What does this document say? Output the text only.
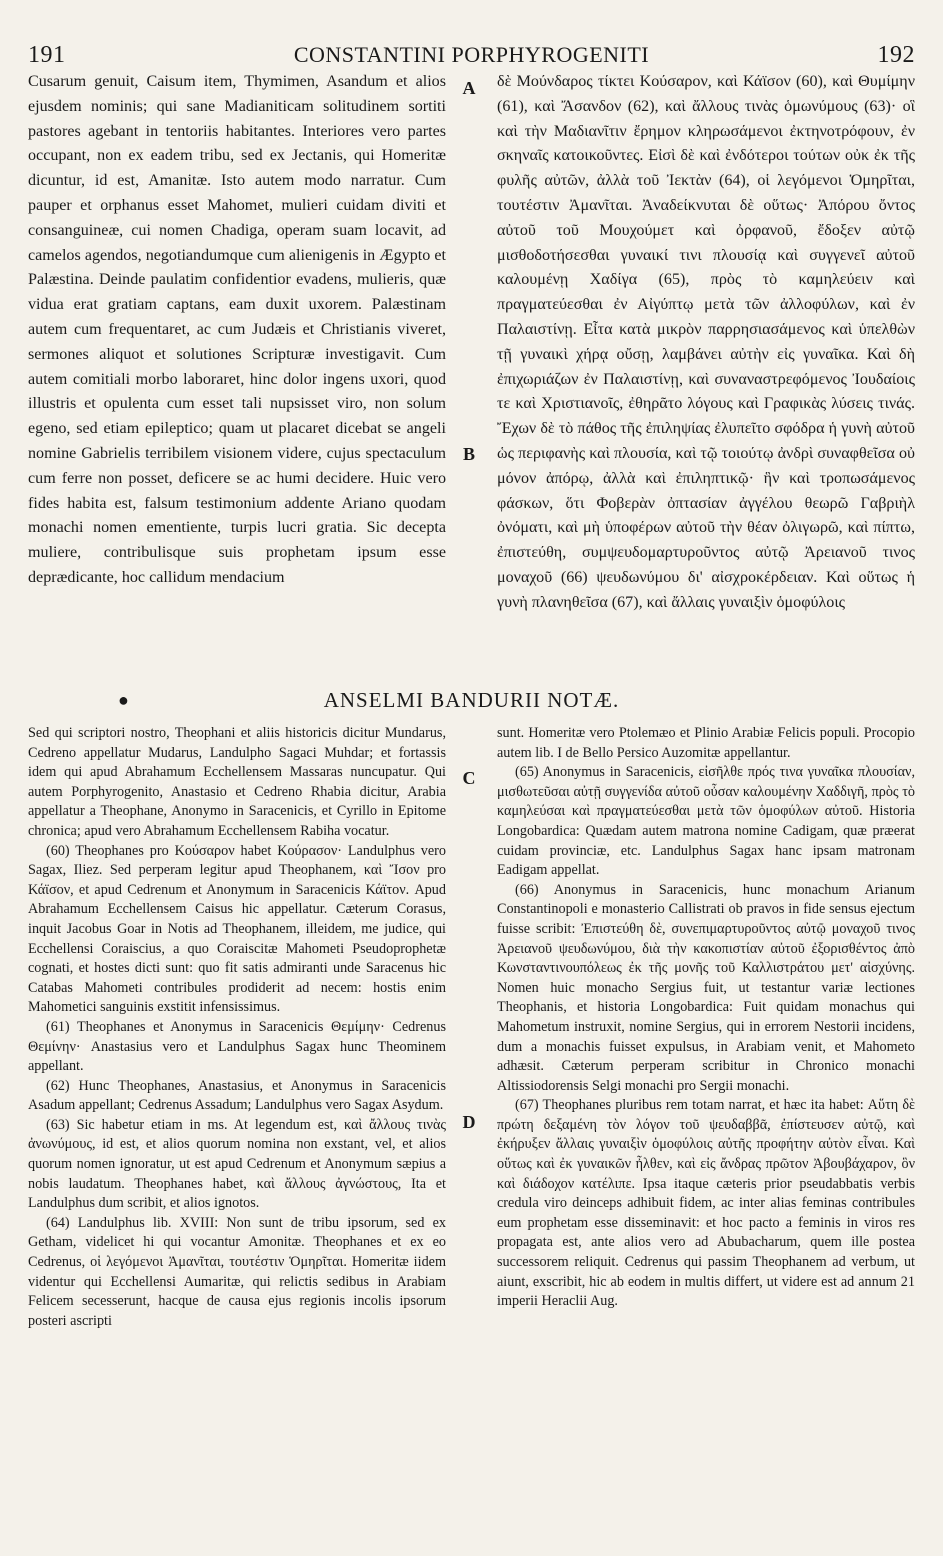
191	CONSTANTINI PORPHYROGENITI	192
A
B
C
D

Cusarum genuit, Caisum item, Thymimen, Asandum et alios ejusdem nominis; qui sane Madianiticam solitudinem sortiti pastores agebant in tentoriis habitantes. Interiores vero partes occupant, non ex eadem tribu, sed ex Jectanis, qui Homeritæ dicuntur, id est, Amanitæ. Isto autem modo narratur. Cum pauper et orphanus esset Mahomet, mulieri cuidam diviti et consanguineæ, cui nomen Chadiga, operam suam locavit, ad camelos agendos, negotiandumque cum alienigenis in Ægypto et Palæstina. Deinde paulatim confidentior evadens, mulieris, quæ vidua erat gratiam captans, eam duxit uxorem. Palæstinam autem cum frequentaret, ac cum Judæis et Christianis viveret, sermones aliquot et solutiones Scripturæ investigavit. Cum autem comitiali morbo laboraret, hinc dolor ingens uxori, quod illustris et opulenta cum esset tali nupsisset viro, non solum egeno, sed etiam epileptico; quam ut placaret dicebat se angeli nomine Gabrielis terribilem visionem videre, cujus spectaculum cum ferre non posset, deficere se ac humi decidere. Huic vero fides habita est, falsum testimonium addente Ariano quodam monachi nomen ementiente, turpis lucri gratia. Sic decepta muliere, contribulisque suis prophetam ipsum esse deprædicante, hoc callidum mendacium

δὲ Μούνδαρος τίκτει Κούσαρον, καὶ Κάϊσον (60), καὶ Θυμίμην (61), καὶ Ἄσανδον (62), καὶ ἄλλους τινὰς ὁμωνύμους (63)· οἳ καὶ τὴν Μαδιανῖτιν ἔρημον κληρωσάμενοι ἐκτηνοτρόφουν, ἐν σκηναῖς κατοικοῦντες. Εἰσὶ δὲ καὶ ἐνδότεροι τούτων οὐκ ἐκ τῆς φυλῆς αὐτῶν, ἀλλὰ τοῦ Ἰεκτὰν (64), οἱ λεγόμενοι Ὁμηρῖται, τουτέστιν Ἀμανῖται. Ἀναδείκνυται δὲ οὕτως· Ἀπόρου ὄντος αὐτοῦ τοῦ Μουχούμετ καὶ ὀρφανοῦ, ἔδοξεν αὐτῷ μισθοδοτήσεσθαι γυναικί τινι πλουσίᾳ καὶ συγγενεῖ αὐτοῦ καλουμένῃ Χαδίγα (65), πρὸς τὸ καμηλεύειν καὶ πραγματεύεσθαι ἐν Αἰγύπτῳ μετὰ τῶν ἀλλοφύλων, καὶ ἐν Παλαιστίνῃ. Εἶτα κατὰ μικρὸν παρρησιασάμενος καὶ ὑπελθὼν τῇ γυναικὶ χήρᾳ οὔσῃ, λαμβάνει αὐτὴν εἰς γυναῖκα. Καὶ δὴ ἐπιχωριάζων ἐν Παλαιστίνῃ, καὶ συναναστρεφόμενος Ἰουδαίοις τε καὶ Χριστιανοῖς, ἐθηρᾶτο λόγους καὶ Γραφικὰς λύσεις τινάς. Ἔχων δὲ τὸ πάθος τῆς ἐπιληψίας ἐλυπεῖτο σφόδρα ἡ γυνὴ αὐτοῦ ὡς περιφανὴς καὶ πλουσία, καὶ τῷ τοιούτῳ ἀνδρὶ συναφθεῖσα οὐ μόνον ἀπόρῳ, ἀλλὰ καὶ ἐπιληπτικῷ· ἣν καὶ τροπωσάμενος φάσκων, ὅτι Φοβερὰν ὀπτασίαν ἀγγέλου θεωρῶ Γαβριὴλ ὀνόματι, καὶ μὴ ὑποφέρων αὐτοῦ τὴν θέαν ὀλιγωρῶ, καὶ πίπτω, ἐπιστεύθη, συμψευδομαρτυροῦντος αὐτῷ Ἀρειανοῦ τινος μοναχοῦ (66) ψευδωνύμου δι' αἰσχροκέρδειαν. Καὶ οὕτως ἡ γυνὴ πλανηθεῖσα (67), καὶ ἄλλαις γυναιξὶν ὁμοφύλοις

●	ANSELMI BANDURII NOTÆ.

Sed qui scriptori nostro, Theophani et aliis historicis dicitur Mundarus, Cedreno appellatur Mudarus, Landulpho Sagaci Muhdar; et fortassis idem qui apud Abrahamum Ecchellensem Massaras nuncupatur. Qui autem Porphyrogenito, Anastasio et Cedreno Rhabia dicitur, Arabia appellatur a Theophane, Anonymo in Saracenicis, et Cyrillo in Epitome chronica; apud vero Abrahamum Ecchellensem Rabiha vocatur.

(60) Theophanes pro Κούσαρον habet Κούρασον· Landulphus vero Sagax, Iliez. Sed perperam legitur apud Theophanem, καὶ Ἴσον pro Κάϊσον, et apud Cedrenum et Anonymum in Saracenicis Κάϊτον. Apud Abrahamum Ecchellensem Caisus hic appellatur. Cæterum Corasus, inquit Jacobus Goar in Notis ad Theophanem, illeidem, me judice, qui Ecchellensi Coraiscius, a quo Coraiscitæ Mahometi Pseudoprophetæ cognati, et hostes dicti sunt: quo fit satis admiranti unde Saracenus hic Catabas Mahometi contribules prodiderit ad necem: hostis enim Mahometici sanguinis exstitit infensissimus.

(61) Theophanes et Anonymus in Saracenicis Θεμίμην· Cedrenus Θεμίνην· Anastasius vero et Landulphus Sagax hunc Theominem appellant.

(62) Hunc Theophanes, Anastasius, et Anonymus in Saracenicis Asadum appellant; Cedrenus Assadum; Landulphus vero Sagax Asydum.

(63) Sic habetur etiam in ms. At legendum est, καὶ ἄλλους τινὰς ἀνωνύμους, id est, et alios quorum nomina non exstant, vel, et alios quorum nomen ignoratur, ut est apud Cedrenum et Anonymum sæpius a nobis laudatum. Theophanes habet, καὶ ἄλλους ἀγνώστους, Ita et Landulphus dum scribit, et alios ignotos.

(64) Landulphus lib. XVIII: Non sunt de tribu ipsorum, sed ex Getham, videlicet hi qui vocantur Amonitæ. Theophanes et ex eo Cedrenus, οἱ λεγόμενοι Ἀμανῖται, τουτέστιν Ὁμηρῖται. Homeritæ iidem videntur qui Ecchellensi Aumaritæ, qui relictis sedibus in Arabiam Felicem secesserunt, hacque de causa ejus regionis incolis ipsorum posteri ascripti

sunt. Homeritæ vero Ptolemæo et Plinio Arabiæ Felicis populi. Procopio autem lib. I de Bello Persico Auzomitæ appellantur.

(65) Anonymus in Saracenicis, εἰσῆλθε πρός τινα γυναῖκα πλουσίαν, μισθωτεῦσαι αὐτῇ συγγενίδα αὐτοῦ οὖσαν καλουμένην Χαδδιγῆ, πρὸς τὸ καμηλεύσαι καὶ πραγματεύεσθαι μετὰ τῶν ὁμοφύλων αὐτοῦ. Historia Longobardica: Quædam autem matrona nomine Cadigam, quæ præerat cuidam provinciæ, etc. Landulphus Sagax hanc ipsam matronam Eadigam appellat.

(66) Anonymus in Saracenicis, hunc monachum Arianum Constantinopoli e monasterio Callistrati ob pravos in fide sensus ejectum fuisse scribit: Ἐπιστεύθη δὲ, συνεπιμαρτυροῦντος αὐτῷ μοναχοῦ τινος Ἀρειανοῦ ψευδωνύμου, διὰ τὴν κακοπιστίαν αὐτοῦ ἐξορισθέντος ἀπὸ Κωνσταντινουπόλεως ἐκ τῆς μονῆς τοῦ Καλλιστράτου μετ' αἰσχύνης. Nomen huic monacho Sergius fuit, ut testantur variæ lectiones Theophanis, et historia Longobardica: Fuit quidam monachus qui Mahometum instruxit, nomine Sergius, qui in errorem Nestorii incidens, dum a monachis fuisset expulsus, in Arabiam venit, et Mahometo adhæsit. Cæterum perperam scribitur in Chronico monachi Altissiodorensis Selgi monachi pro Sergii monachi.

(67) Theophanes pluribus rem totam narrat, et hæc ita habet: Αὕτη δὲ πρώτη δεξαμένη τὸν λόγον τοῦ ψευδαββᾶ, ἐπίστευσεν αὐτῷ, καὶ ἐκήρυξεν ἄλλαις γυναιξὶν ὁμοφύλοις αὐτῆς προφήτην αὐτὸν εἶναι. Καὶ οὕτως καὶ ἐκ γυναικῶν ἦλθεν, καὶ εἰς ἄνδρας πρῶτον Ἀβουβάχαρον, ὃν καὶ διάδοχον κατέλιπε. Ipsa itaque cæteris prior pseudabbatis verbis credula viro deinceps adhibuit fidem, ac inter alias feminas contribules eum prophetam esse disseminavit: et hoc pacto a feminis in viros res propagata est, ante alios vero ad Abubacharum, quem ille postea successorem reliquit. Cedrenus qui passim Theophanem ad verbum, ut aiunt, exscribit, hic ab eodem in multis differt, ut videre est ad annum 21 imperii Heraclii Aug.
